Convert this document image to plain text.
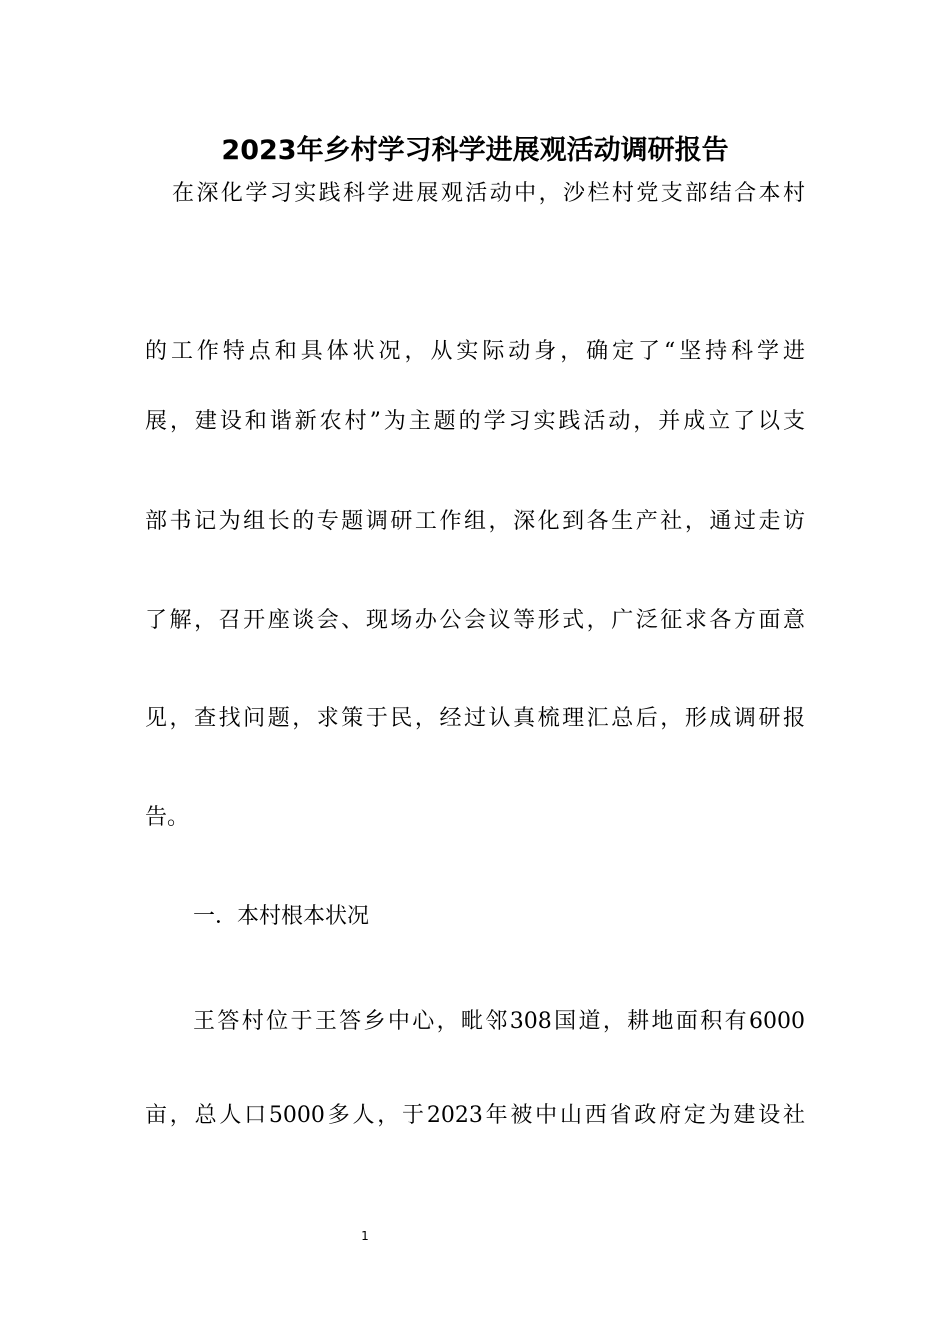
2023年乡村学习科学进展观活动调研报告

在深化学习实践科学进展观活动中，沙栏村党支部结合本村

的工作特点和具体状况，从实际动身，确定了“坚持科学进

展，建设和谐新农村”为主题的学习实践活动，并成立了以支

部书记为组长的专题调研工作组，深化到各生产社，通过走访

了解，召开座谈会、现场办公会议等形式，广泛征求各方面意

见，查找问题，求策于民，经过认真梳理汇总后，形成调研报

告。

一．本村根本状况

王答村位于王答乡中心，毗邻308国道，耕地面积有6000

亩，总人口5000多人，于2023年被中山西省政府定为建设社

1
